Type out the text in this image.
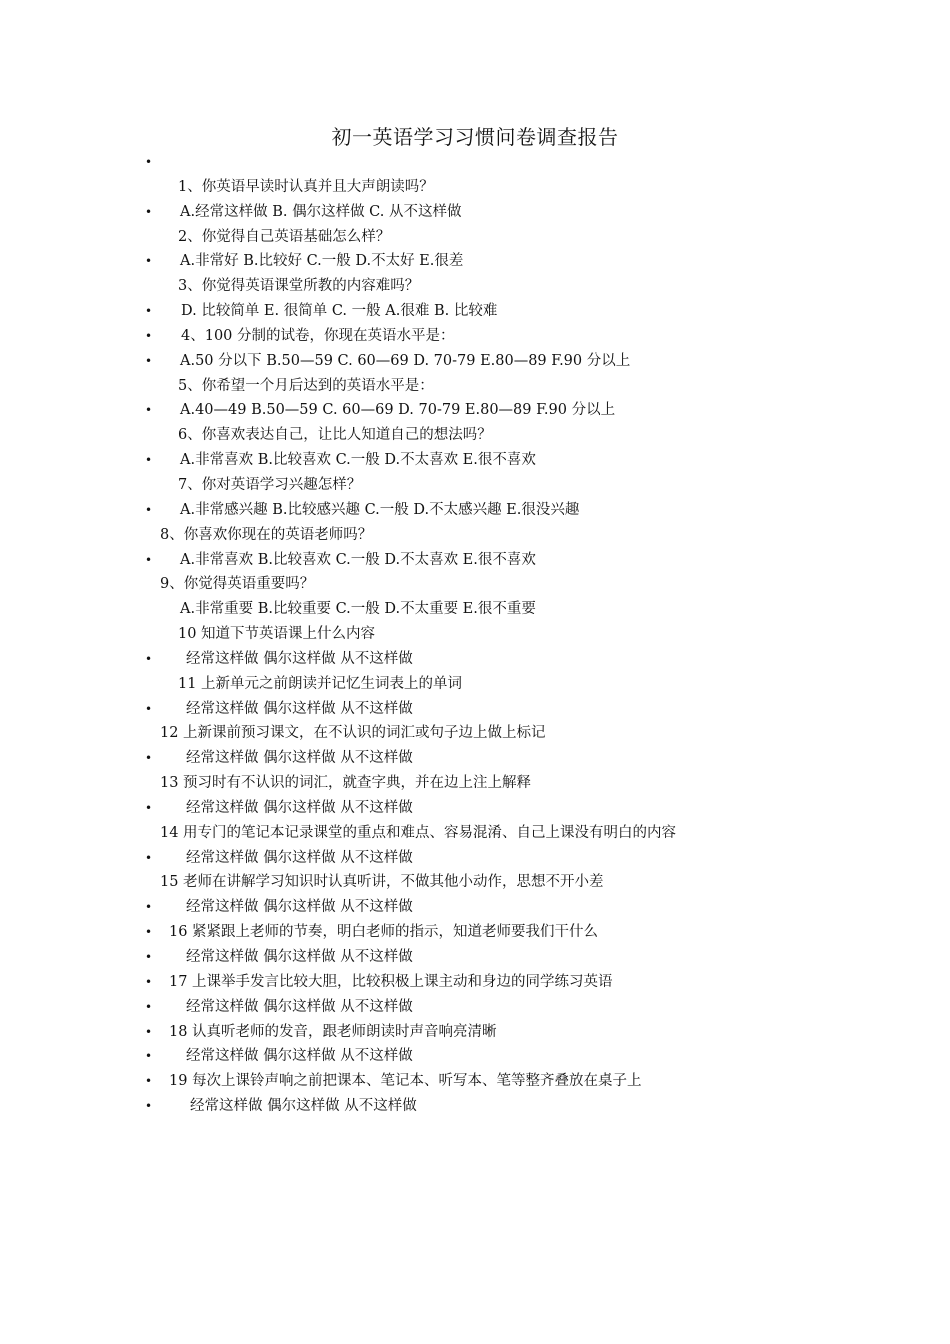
初一英语学习习惯问卷调查报告
•
1、你英语早读时认真并且大声朗读吗？
• A.经常这样做 B. 偶尔这样做 C. 从不这样做
2、你觉得自己英语基础怎么样？
• A.非常好 B.比较好 C.一般 D.不太好 E.很差
3、你觉得英语课堂所教的内容难吗？
• D. 比较简单 E. 很简单 C. 一般 A.很难 B. 比较难
• 4、100 分制的试卷，你现在英语水平是：
• A.50 分以下 B.50—59 C. 60—69 D. 70-79 E.80—89 F.90 分以上
5、你希望一个月后达到的英语水平是：
• A.40—49 B.50—59 C. 60—69 D. 70-79 E.80—89 F.90 分以上
6、你喜欢表达自己，让比人知道自己的想法吗？
• A.非常喜欢 B.比较喜欢 C.一般 D.不太喜欢 E.很不喜欢
7、你对英语学习兴趣怎样？
• A.非常感兴趣 B.比较感兴趣 C.一般 D.不太感兴趣 E.很没兴趣
8、你喜欢你现在的英语老师吗？
• A.非常喜欢 B.比较喜欢 C.一般 D.不太喜欢 E.很不喜欢
9、你觉得英语重要吗？
A.非常重要 B.比较重要 C.一般 D.不太重要 E.很不重要
10 知道下节英语课上什么内容
• 经常这样做 偶尔这样做 从不这样做
11 上新单元之前朗读并记忆生词表上的单词
• 经常这样做 偶尔这样做 从不这样做
12 上新课前预习课文，在不认识的词汇或句子边上做上标记
• 经常这样做 偶尔这样做 从不这样做
13 预习时有不认识的词汇，就查字典，并在边上注上解释
• 经常这样做 偶尔这样做 从不这样做
14 用专门的笔记本记录课堂的重点和难点、容易混淆、自己上课没有明白的内容
• 经常这样做 偶尔这样做 从不这样做
15 老师在讲解学习知识时认真听讲，不做其他小动作，思想不开小差
• 经常这样做 偶尔这样做 从不这样做
• 16 紧紧跟上老师的节奏，明白老师的指示，知道老师要我们干什么
• 经常这样做 偶尔这样做 从不这样做
• 17 上课举手发言比较大胆，比较积极上课主动和身边的同学练习英语
• 经常这样做 偶尔这样做 从不这样做
• 18 认真听老师的发音，跟老师朗读时声音响亮清晰
• 经常这样做 偶尔这样做 从不这样做
• 19 每次上课铃声响之前把课本、笔记本、听写本、笔等整齐叠放在桌子上
•	经常这样做 偶尔这样做 从不这样做
